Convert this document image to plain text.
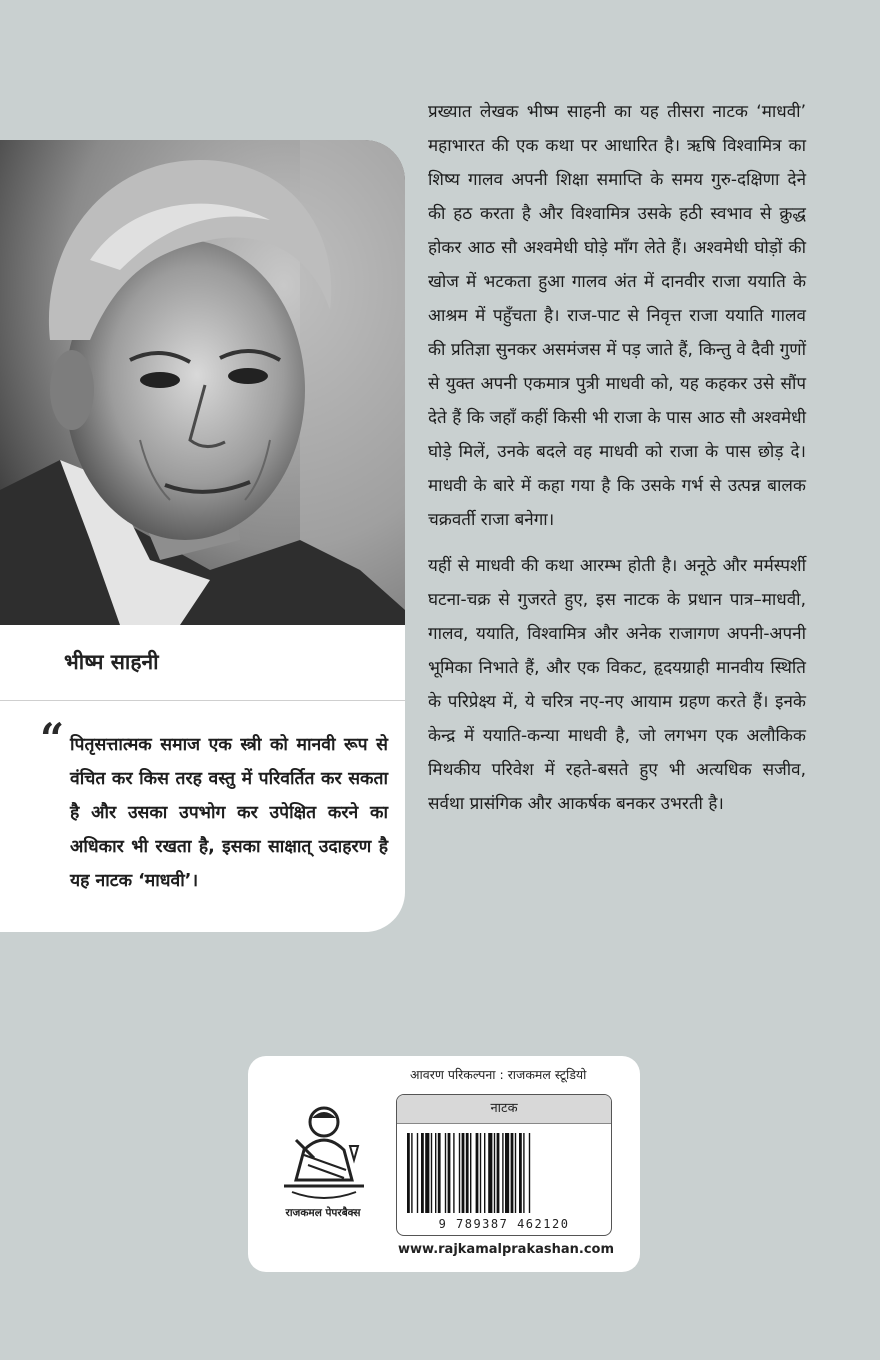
भीष्म साहनी
“ पितृसत्तात्मक समाज एक स्त्री को मानवी रूप से वंचित कर किस तरह वस्तु में परिवर्तित कर सकता है और उसका उपभोग कर उपेक्षित करने का अधिकार भी रखता है, इसका साक्षात् उदाहरण है यह नाटक ‘माधवी’।

प्रख्यात लेखक भीष्म साहनी का यह तीसरा नाटक ‘माधवी’ महाभारत की एक कथा पर आधारित है। ऋषि विश्वामित्र का शिष्य गालव अपनी शिक्षा समाप्ति के समय गुरु-दक्षिणा देने की हठ करता है और विश्वामित्र उसके हठी स्वभाव से क्रुद्ध होकर आठ सौ अश्वमेधी घोड़े माँग लेते हैं। अश्वमेधी घोड़ों की खोज में भटकता हुआ गालव अंत में दानवीर राजा ययाति के आश्रम में पहुँचता है। राज-पाट से निवृत्त राजा ययाति गालव की प्रतिज्ञा सुनकर असमंजस में पड़ जाते हैं, किन्तु वे दैवी गुणों से युक्त अपनी एकमात्र पुत्री माधवी को, यह कहकर उसे सौंप देते हैं कि जहाँ कहीं किसी भी राजा के पास आठ सौ अश्वमेधी घोड़े मिलें, उनके बदले वह माधवी को राजा के पास छोड़ दे। माधवी के बारे में कहा गया है कि उसके गर्भ से उत्पन्न बालक चक्रवर्ती राजा बनेगा।

यहीं से माधवी की कथा आरम्भ होती है। अनूठे और मर्मस्पर्शी घटना-चक्र से गुजरते हुए, इस नाटक के प्रधान पात्र–माधवी, गालव, ययाति, विश्वामित्र और अनेक राजागण अपनी-अपनी भूमिका निभाते हैं, और एक विकट, हृदयग्राही मानवीय स्थिति के परिप्रेक्ष्य में, ये चरित्र नए-नए आयाम ग्रहण करते हैं। इनके केन्द्र में ययाति-कन्या माधवी है, जो लगभग एक अलौकिक मिथकीय परिवेश में रहते-बसते हुए भी अत्यधिक सजीव, सर्वथा प्रासंगिक और आकर्षक बनकर उभरती है।

आवरण परिकल्पना : राजकमल स्टूडियो
राजकमल पेपरबैक्स
नाटक
9 789387 462120
www.rajkamalprakashan.com
